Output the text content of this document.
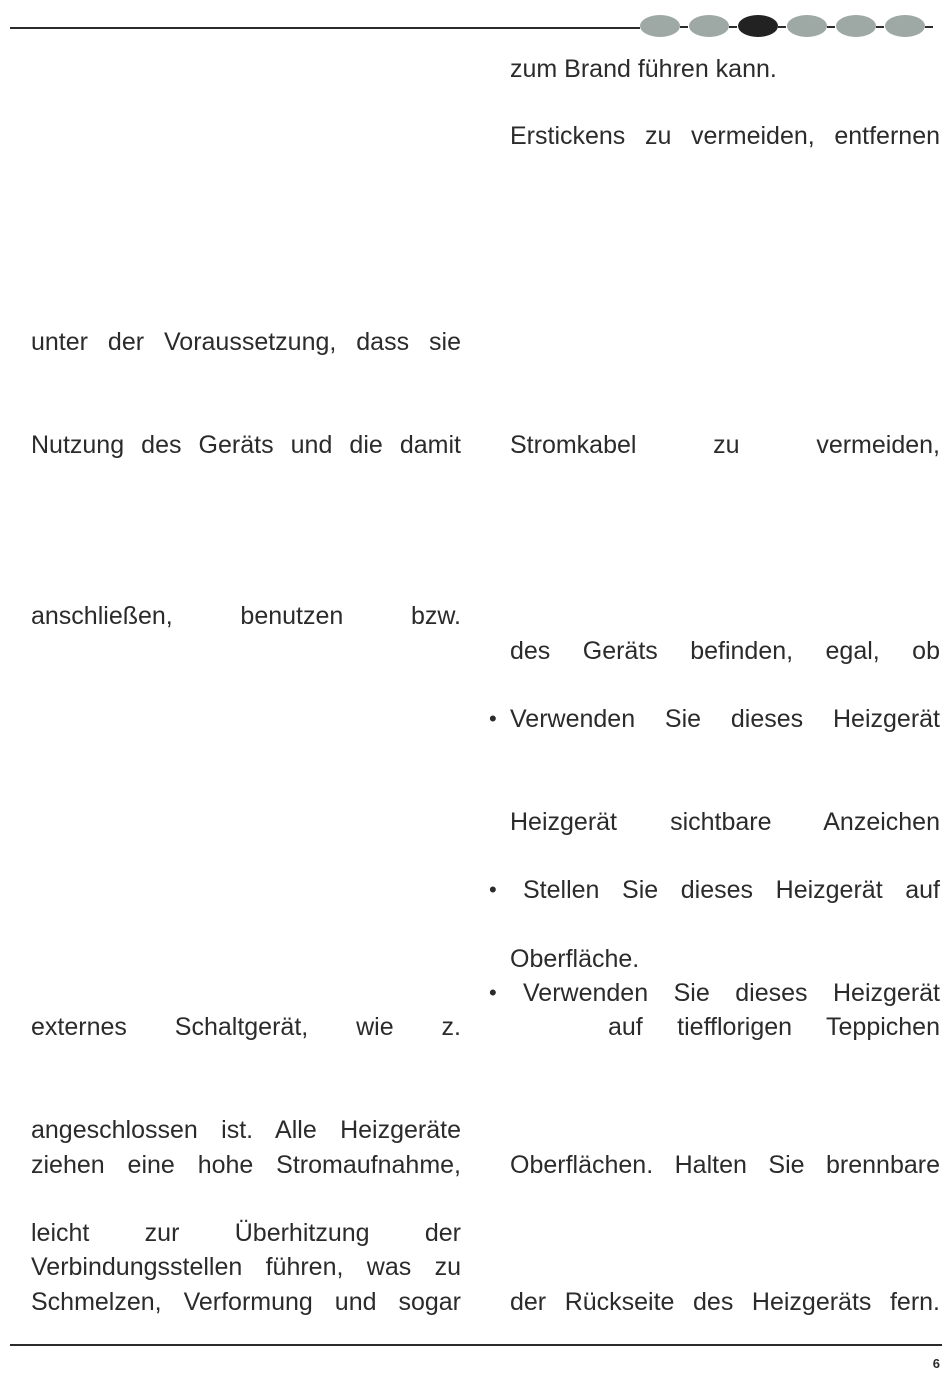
unter der Voraussetzung, dass sie
Nutzung des Geräts und die damit
anschließen, benutzen bzw.
externes Schaltgerät, wie z.
angeschlossen ist. Alle Heizgeräte
ziehen eine hohe Stromaufnahme,
leicht zur Überhitzung der
Verbindungsstellen führen, was zu
Schmelzen, Verformung und sogar
zum Brand führen kann.
Erstickens zu vermeiden, entfernen
Stromkabel zu vermeiden,
des Geräts befinden, egal, ob
• Verwenden Sie dieses Heizgerät
Heizgerät sichtbare Anzeichen
• Stellen Sie dieses Heizgerät auf
Oberfläche.
• Verwenden Sie dieses Heizgerät
auf tiefflorigen Teppichen
Oberflächen. Halten Sie brennbare
der Rückseite des Heizgeräts fern.
6
